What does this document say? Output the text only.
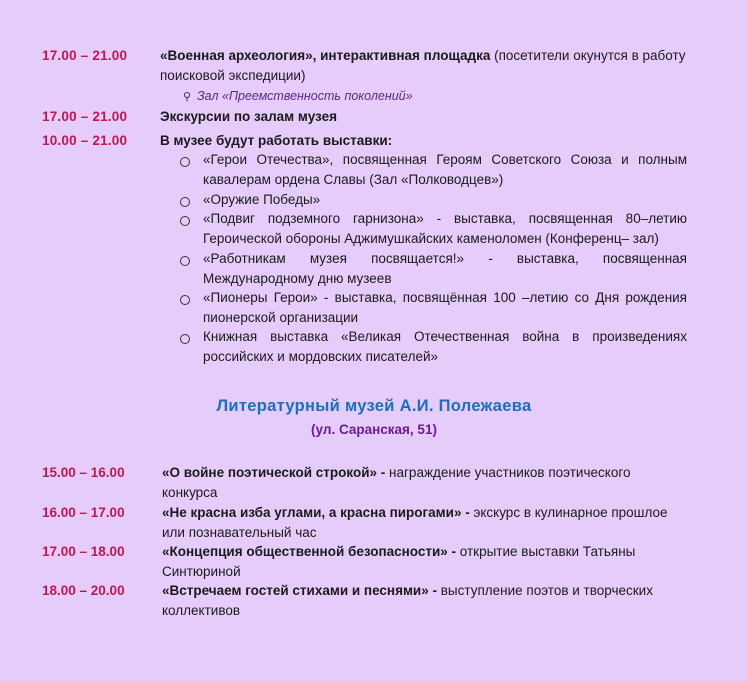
17.00 – 21.00 «Военная археология», интерактивная площадка (посетители окунутся в работу
поисковой экспедиции)
⚲ Зал «Преемственность поколений»
17.00 – 21.00 Экскурсии по залам музея
10.00 – 21.00 В музее будут работать выставки:
«Герои Отечества», посвященная Героям Советского Союза и полным
кавалерам ордена Славы (Зал «Полководцев»)
«Оружие Победы»
«Подвиг подземного гарнизона» - выставка, посвященная 80–летию
Героической обороны Аджимушкайских каменоломен (Конференц– зал)
«Работникам музея посвящается!» - выставка, посвященная
Международному дню музеев
«Пионеры Герои» - выставка, посвящённая 100 –летию со Дня рождения
пионерской организации
Книжная выставка «Великая Отечественная война в произведениях
российских и мордовских писателей»
Литературный музей А.И. Полежаева
(ул. Саранская, 51)
15.00 – 16.00	«О войне поэтической строкой» - награждение участников поэтического
конкурса
16.00 – 17.00	«Не красна изба углами, а красна пирогами» - экскурс в кулинарное прошлое
или познавательный час
17.00 – 18.00	«Концепция общественной безопасности» - открытие выставки Татьяны
Синтюриной
18.00 – 20.00	«Встречаем гостей стихами и песнями» - выступление поэтов и творческих
коллективов
